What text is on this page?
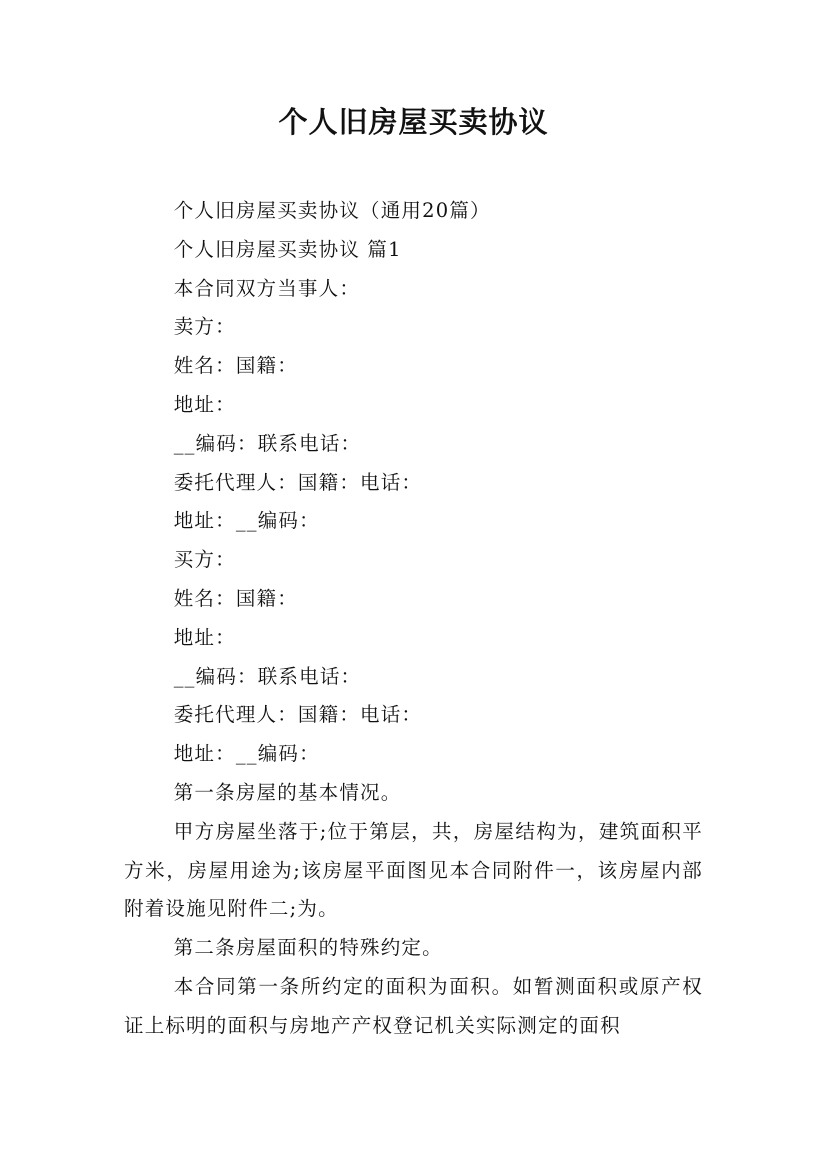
个人旧房屋买卖协议

个人旧房屋买卖协议（通用20篇）

个人旧房屋买卖协议 篇1

本合同双方当事人：

卖方：

姓名：国籍：

地址：

__编码：联系电话：

委托代理人：国籍：电话：

地址：__编码：

买方：

姓名：国籍：

地址：

__编码：联系电话：

委托代理人：国籍：电话：

地址：__编码：

第一条房屋的基本情况。

甲方房屋坐落于;位于第层，共，房屋结构为，建筑面积平方米，房屋用途为;该房屋平面图见本合同附件一，该房屋内部附着设施见附件二;为。

第二条房屋面积的特殊约定。

本合同第一条所约定的面积为面积。如暂测面积或原产权证上标明的面积与房地产产权登记机关实际测定的面积
